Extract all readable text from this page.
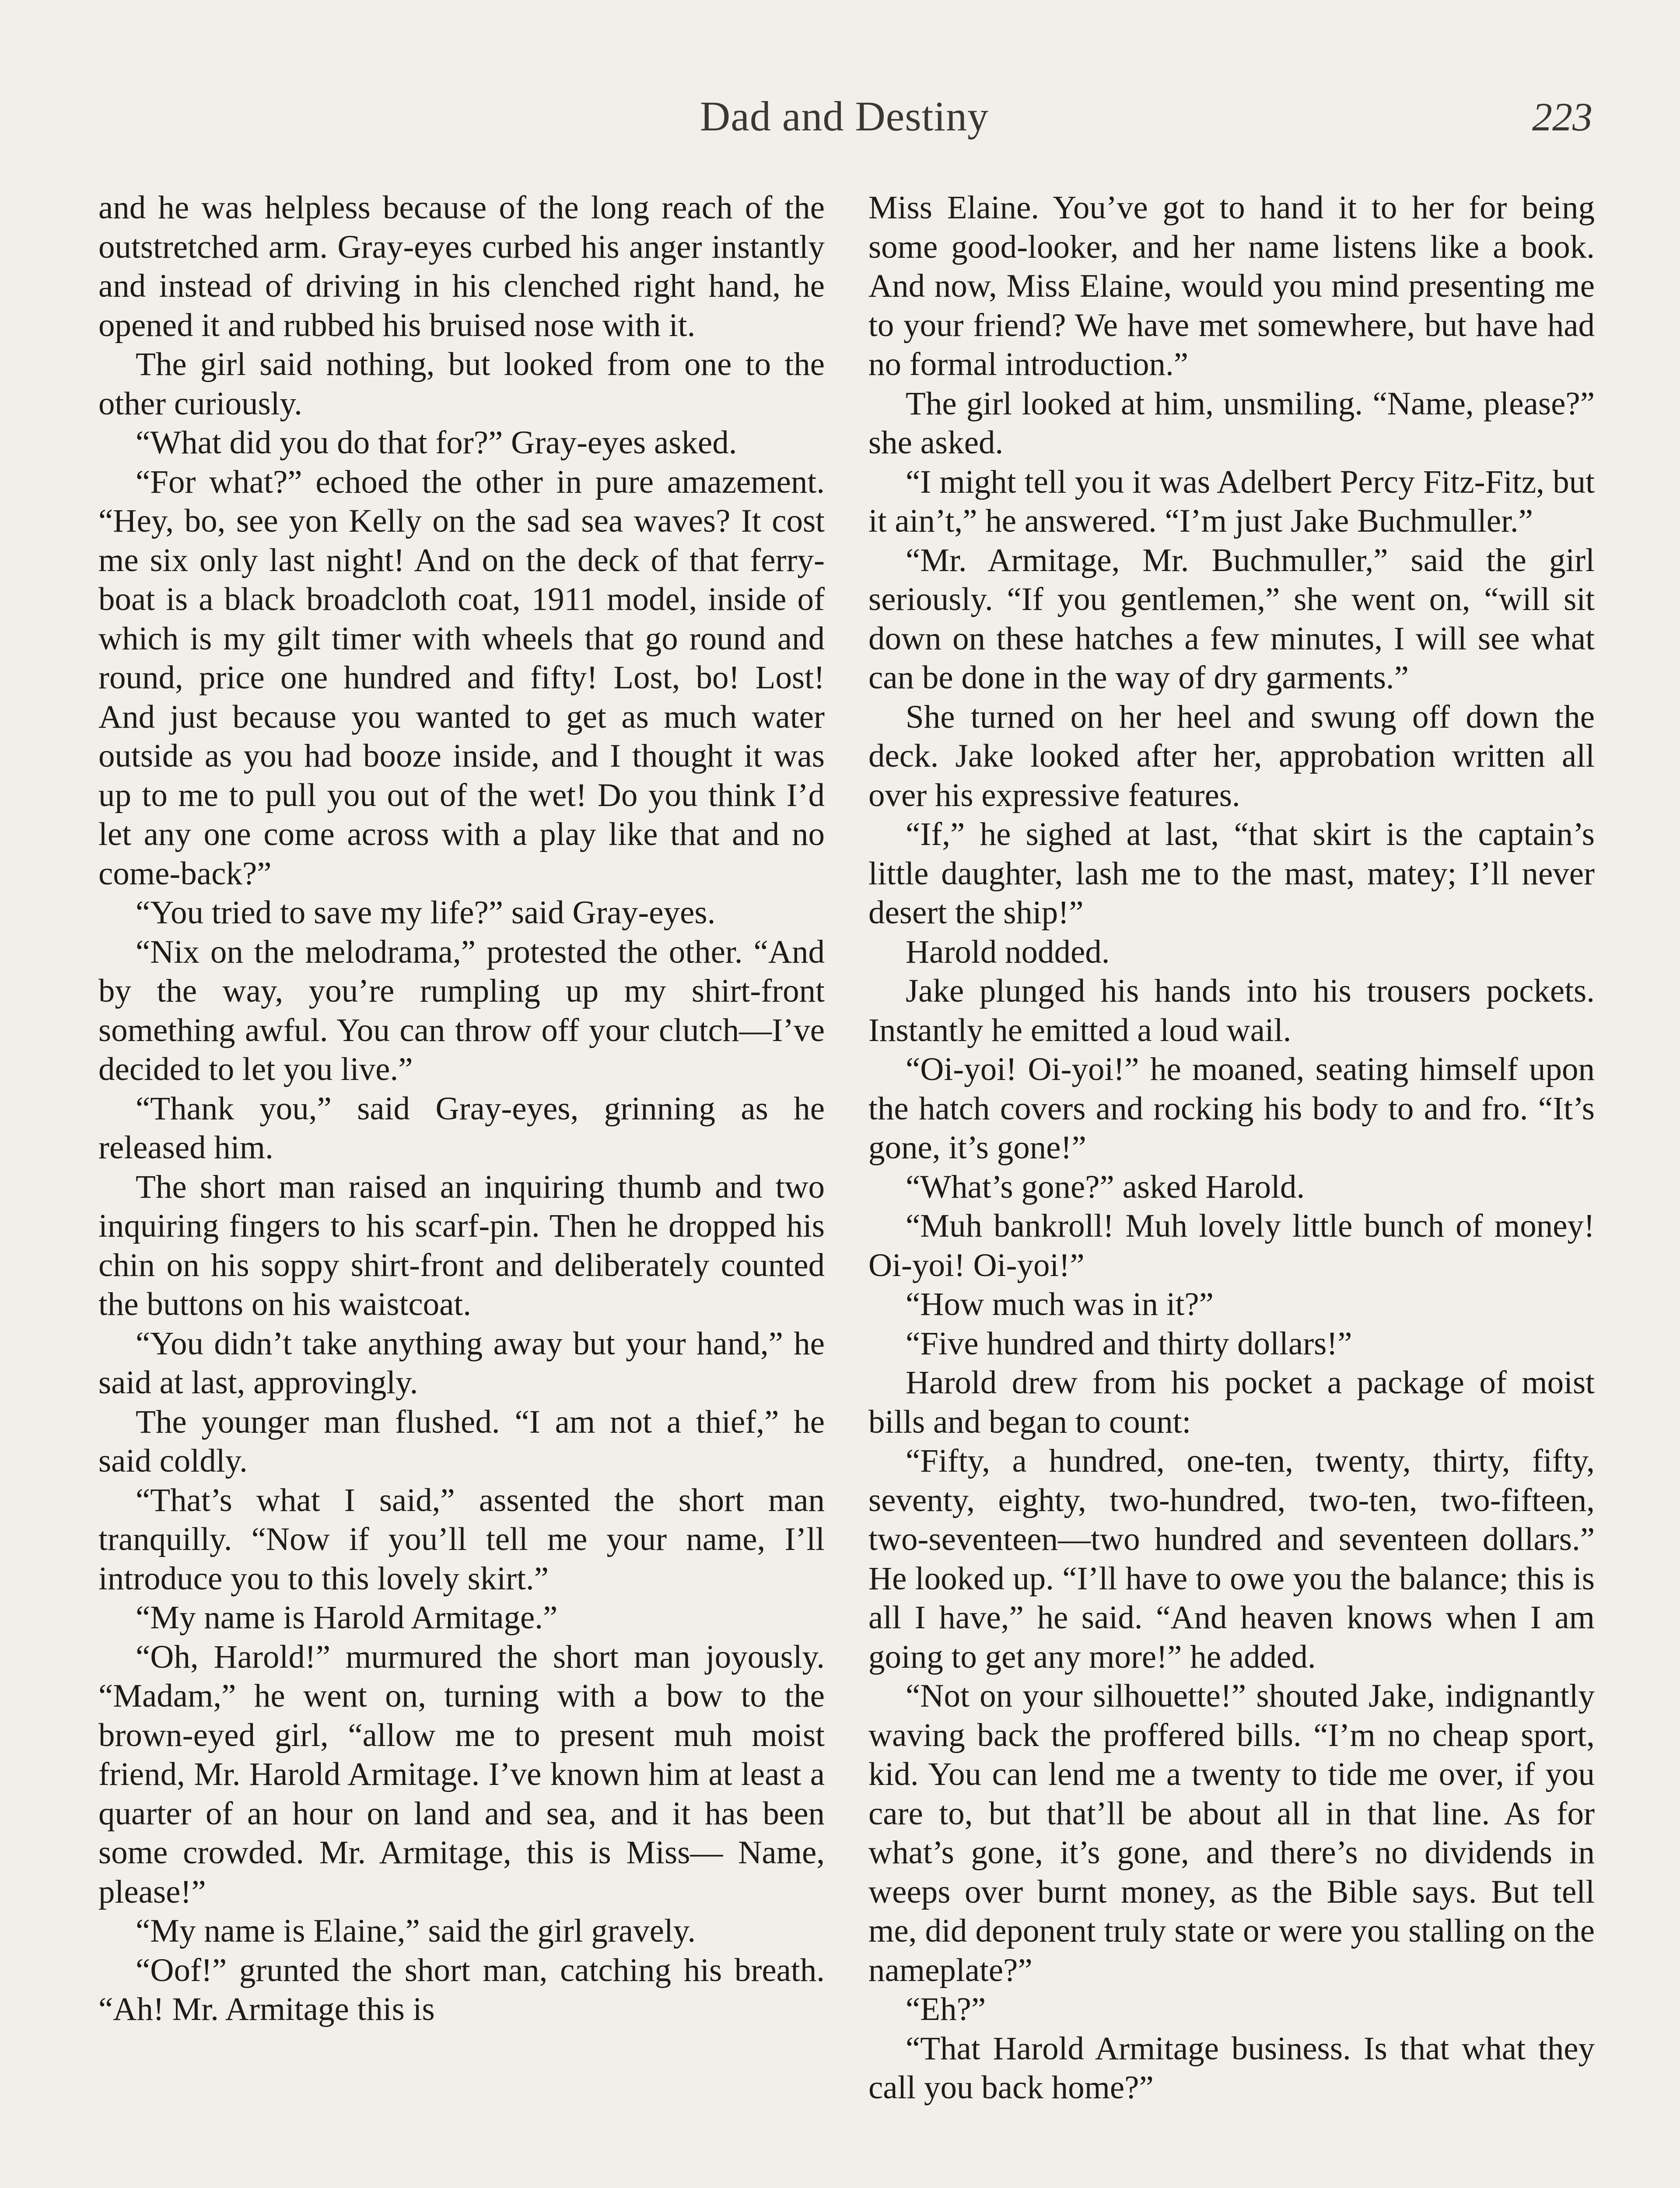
Dad and Destiny	223

and he was helpless because of the long reach of the outstretched arm. Gray-eyes curbed his anger instantly and instead of driving in his clenched right hand, he opened it and rubbed his bruised nose with it.

The girl said nothing, but looked from one to the other curiously.

“What did you do that for?” Gray-eyes asked.

“For what?” echoed the other in pure amazement. “Hey, bo, see yon Kelly on the sad sea waves? It cost me six only last night! And on the deck of that ferry-boat is a black broadcloth coat, 1911 model, inside of which is my gilt timer with wheels that go round and round, price one hundred and fifty! Lost, bo! Lost! And just because you wanted to get as much water outside as you had booze inside, and I thought it was up to me to pull you out of the wet! Do you think I’d let any one come across with a play like that and no come-back?”

“You tried to save my life?” said Gray-eyes.

“Nix on the melodrama,” protested the other. “And by the way, you’re rumpling up my shirt-front something awful. You can throw off your clutch—I’ve decided to let you live.”

“Thank you,” said Gray-eyes, grinning as he released him.

The short man raised an inquiring thumb and two inquiring fingers to his scarf-pin. Then he dropped his chin on his soppy shirt-front and deliberately counted the buttons on his waistcoat.

“You didn’t take anything away but your hand,” he said at last, approvingly.

The younger man flushed. “I am not a thief,” he said coldly.

“That’s what I said,” assented the short man tranquilly. “Now if you’ll tell me your name, I’ll introduce you to this lovely skirt.”

“My name is Harold Armitage.”

“Oh, Harold!” murmured the short man joyously. “Madam,” he went on, turning with a bow to the brown-eyed girl, “allow me to present muh moist friend, Mr. Harold Armitage. I’ve known him at least a quarter of an hour on land and sea, and it has been some crowded. Mr. Armitage, this is Miss— Name, please!”

“My name is Elaine,” said the girl gravely.

“Oof!” grunted the short man, catching his breath. “Ah! Mr. Armitage this is

Miss Elaine. You’ve got to hand it to her for being some good-looker, and her name listens like a book. And now, Miss Elaine, would you mind presenting me to your friend? We have met somewhere, but have had no formal introduction.”

The girl looked at him, unsmiling. “Name, please?” she asked.

“I might tell you it was Adelbert Percy Fitz-Fitz, but it ain’t,” he answered. “I’m just Jake Buchmuller.”

“Mr. Armitage, Mr. Buchmuller,” said the girl seriously. “If you gentlemen,” she went on, “will sit down on these hatches a few minutes, I will see what can be done in the way of dry garments.”

She turned on her heel and swung off down the deck. Jake looked after her, approbation written all over his expressive features.

“If,” he sighed at last, “that skirt is the captain’s little daughter, lash me to the mast, matey; I’ll never desert the ship!”

Harold nodded.

Jake plunged his hands into his trousers pockets. Instantly he emitted a loud wail.

“Oi-yoi! Oi-yoi!” he moaned, seating himself upon the hatch covers and rocking his body to and fro. “It’s gone, it’s gone!”

“What’s gone?” asked Harold.

“Muh bankroll! Muh lovely little bunch of money! Oi-yoi! Oi-yoi!”

“How much was in it?”

“Five hundred and thirty dollars!”

Harold drew from his pocket a package of moist bills and began to count:

“Fifty, a hundred, one-ten, twenty, thirty, fifty, seventy, eighty, two-hundred, two-ten, two-fifteen, two-seventeen—two hundred and seventeen dollars.” He looked up. “I’ll have to owe you the balance; this is all I have,” he said. “And heaven knows when I am going to get any more!” he added.

“Not on your silhouette!” shouted Jake, indignantly waving back the proffered bills. “I’m no cheap sport, kid. You can lend me a twenty to tide me over, if you care to, but that’ll be about all in that line. As for what’s gone, it’s gone, and there’s no dividends in weeps over burnt money, as the Bible says. But tell me, did deponent truly state or were you stalling on the nameplate?”

“Eh?”

“That Harold Armitage business. Is that what they call you back home?”
